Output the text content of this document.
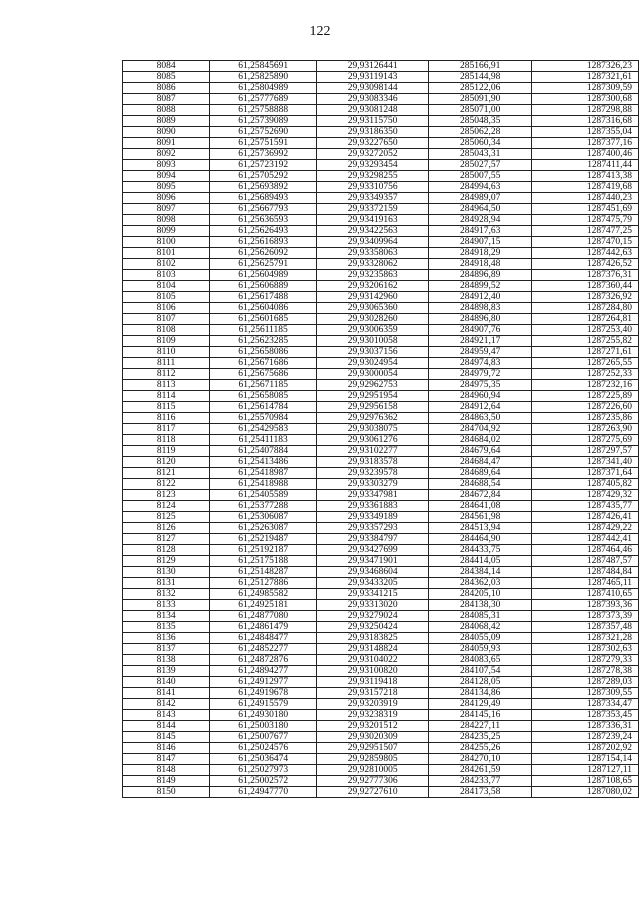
122
8084	61,25845691	29,93126441	285166,91	1287326,23
8085	61,25825890	29,93119143	285144,98	1287321,61
8086	61,25804989	29,93098144	285122,06	1287309,59
8087	61,25777689	29,93083346	285091,90	1287300,68
8088	61,25758888	29,93081248	285071,00	1287298,88
8089	61,25739089	29,93115750	285048,35	1287316,68
8090	61,25752690	29,93186350	285062,28	1287355,04
8091	61,25751591	29,93227650	285060,34	1287377,16
8092	61,25736992	29,93272052	285043,31	1287400,46
8093	61,25723192	29,93293454	285027,57	1287411,44
8094	61,25705292	29,93298255	285007,55	1287413,38
8095	61,25693892	29,93310756	284994,63	1287419,68
8096	61,25689493	29,93349357	284989,07	1287440,23
8097	61,25667793	29,93372159	284964,50	1287451,69
8098	61,25636593	29,93419163	284928,94	1287475,79
8099	61,25626493	29,93422563	284917,63	1287477,25
8100	61,25616893	29,93409964	284907,15	1287470,15
8101	61,25626092	29,93358063	284918,29	1287442,63
8102	61,25625791	29,93328062	284918,48	1287426,52
8103	61,25604989	29,93235863	284896,89	1287376,31
8104	61,25606889	29,93206162	284899,52	1287360,44
8105	61,25617488	29,93142960	284912,40	1287326,92
8106	61,25604086	29,93065360	284898,83	1287284,80
8107	61,25601685	29,93028260	284896,80	1287264,81
8108	61,25611185	29,93006359	284907,76	1287253,40
8109	61,25623285	29,93010058	284921,17	1287255,82
8110	61,25658086	29,93037156	284959,47	1287271,61
8111	61,25671686	29,93024954	284974,83	1287265,55
8112	61,25675686	29,93000054	284979,72	1287252,33
8113	61,25671185	29,92962753	284975,35	1287232,16
8114	61,25658085	29,92951954	284960,94	1287225,89
8115	61,25614784	29,92956158	284912,64	1287226,60
8116	61,25570984	29,92976362	284863,50	1287235,86
8117	61,25429583	29,93038075	284704,92	1287263,90
8118	61,25411183	29,93061276	284684,02	1287275,69
8119	61,25407884	29,93102277	284679,64	1287297,57
8120	61,25413486	29,93183578	284684,47	1287341,40
8121	61,25418987	29,93239578	284689,64	1287371,64
8122	61,25418988	29,93303279	284688,54	1287405,82
8123	61,25405589	29,93347981	284672,84	1287429,32
8124	61,25377288	29,93361883	284641,08	1287435,77
8125	61,25306087	29,93349189	284561,98	1287426,41
8126	61,25263087	29,93357293	284513,94	1287429,22
8127	61,25219487	29,93384797	284464,90	1287442,41
8128	61,25192187	29,93427699	284433,75	1287464,46
8129	61,25175188	29,93471901	284414,05	1287487,57
8130	61,25148287	29,93468604	284384,14	1287484,84
8131	61,25127886	29,93433205	284362,03	1287465,11
8132	61,24985582	29,93341215	284205,10	1287410,65
8133	61,24925181	29,93313020	284138,30	1287393,36
8134	61,24877080	29,93279024	284085,31	1287373,39
8135	61,24861479	29,93250424	284068,42	1287357,48
8136	61,24848477	29,93183825	284055,09	1287321,28
8137	61,24852277	29,93148824	284059,93	1287302,63
8138	61,24872876	29,93104022	284083,65	1287279,33
8139	61,24894277	29,93100820	284107,54	1287278,38
8140	61,24912977	29,93119418	284128,05	1287289,03
8141	61,24919678	29,93157218	284134,86	1287309,55
8142	61,24915579	29,93203919	284129,49	1287334,47
8143	61,24930180	29,93238319	284145,16	1287353,45
8144	61,25003180	29,93201512	284227,11	1287336,31
8145	61,25007677	29,93020309	284235,25	1287239,24
8146	61,25024576	29,92951507	284255,26	1287202,92
8147	61,25036474	29,92859805	284270,10	1287154,14
8148	61,25027973	29,92810005	284261,59	1287127,11
8149	61,25002572	29,92777306	284233,77	1287108,65
8150	61,24947770	29,92727610	284173,58	1287080,02
